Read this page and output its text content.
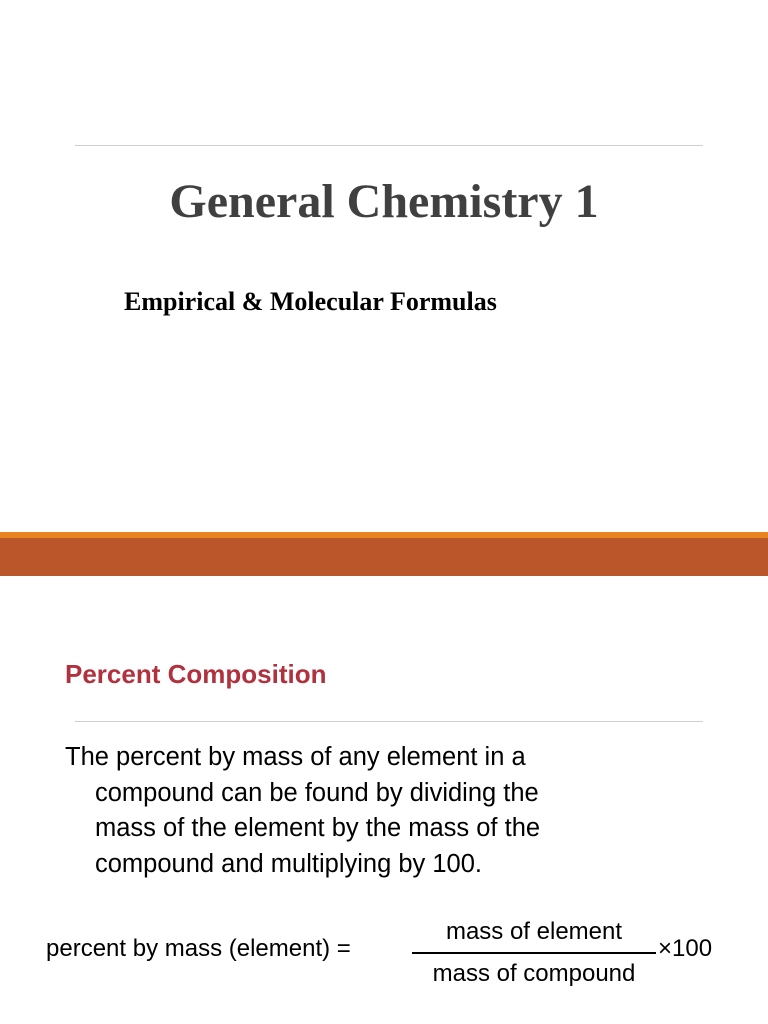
General Chemistry 1
Empirical & Molecular Formulas
Percent Composition

The percent by mass of any element in a
compound can be found by dividing the
mass of the element by the mass of the
compound and multiplying by 100.

percent by mass (element) =
mass of element
mass of compound
×100
